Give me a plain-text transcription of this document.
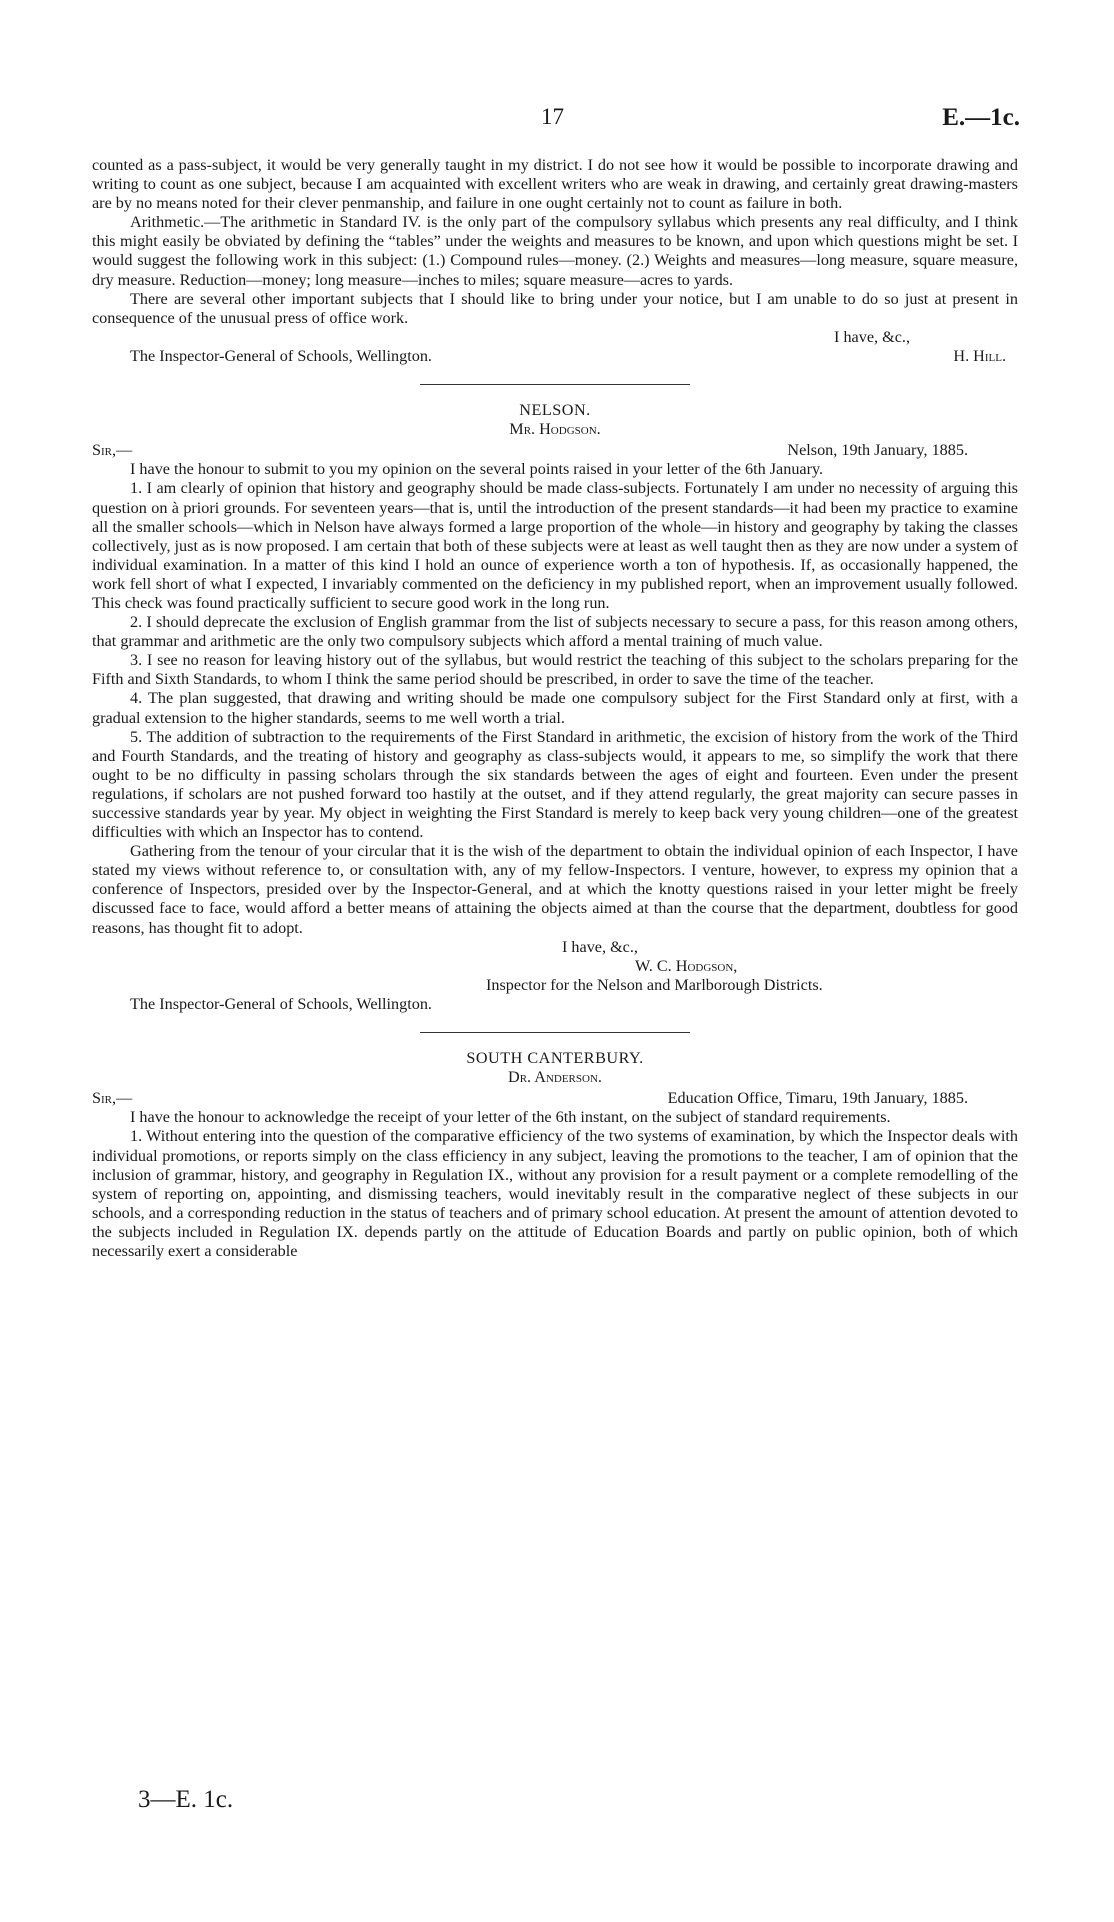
17	E.—1c.

counted as a pass-subject, it would be very generally taught in my district. I do not see how it would be possible to incorporate drawing and writing to count as one subject, because I am acquainted with excellent writers who are weak in drawing, and certainly great drawing-masters are by no means noted for their clever penmanship, and failure in one ought certainly not to count as failure in both.

Arithmetic.—The arithmetic in Standard IV. is the only part of the compulsory syllabus which presents any real difficulty, and I think this might easily be obviated by defining the “tables” under the weights and measures to be known, and upon which questions might be set. I would suggest the following work in this subject: (1.) Compound rules—money. (2.) Weights and measures—long measure, square measure, dry measure. Reduction—money; long measure—inches to miles; square measure—acres to yards.

There are several other important subjects that I should like to bring under your notice, but I am unable to do so just at present in consequence of the unusual press of office work.

I have, &c.,

The Inspector-General of Schools, Wellington.	H. Hill.

NELSON.

Mr. Hodgson.

Sir,—	Nelson, 19th January, 1885.

I have the honour to submit to you my opinion on the several points raised in your letter of the 6th January.

1. I am clearly of opinion that history and geography should be made class-subjects. Fortunately I am under no necessity of arguing this question on à priori grounds. For seventeen years—that is, until the introduction of the present standards—it had been my practice to examine all the smaller schools—which in Nelson have always formed a large proportion of the whole—in history and geography by taking the classes collectively, just as is now proposed. I am certain that both of these subjects were at least as well taught then as they are now under a system of individual examination. In a matter of this kind I hold an ounce of experience worth a ton of hypothesis. If, as occasionally happened, the work fell short of what I expected, I invariably commented on the deficiency in my published report, when an improvement usually followed. This check was found practically sufficient to secure good work in the long run.

2. I should deprecate the exclusion of English grammar from the list of subjects necessary to secure a pass, for this reason among others, that grammar and arithmetic are the only two compulsory subjects which afford a mental training of much value.

3. I see no reason for leaving history out of the syllabus, but would restrict the teaching of this subject to the scholars preparing for the Fifth and Sixth Standards, to whom I think the same period should be prescribed, in order to save the time of the teacher.

4. The plan suggested, that drawing and writing should be made one compulsory subject for the First Standard only at first, with a gradual extension to the higher standards, seems to me well worth a trial.

5. The addition of subtraction to the requirements of the First Standard in arithmetic, the excision of history from the work of the Third and Fourth Standards, and the treating of history and geography as class-subjects would, it appears to me, so simplify the work that there ought to be no difficulty in passing scholars through the six standards between the ages of eight and fourteen. Even under the present regulations, if scholars are not pushed forward too hastily at the outset, and if they attend regularly, the great majority can secure passes in successive standards year by year. My object in weighting the First Standard is merely to keep back very young children—one of the greatest difficulties with which an Inspector has to contend.

Gathering from the tenour of your circular that it is the wish of the department to obtain the individual opinion of each Inspector, I have stated my views without reference to, or consultation with, any of my fellow-Inspectors. I venture, however, to express my opinion that a conference of Inspectors, presided over by the Inspector-General, and at which the knotty questions raised in your letter might be freely discussed face to face, would afford a better means of attaining the objects aimed at than the course that the department, doubtless for good reasons, has thought fit to adopt.

I have, &c.,

W. C. Hodgson,

Inspector for the Nelson and Marlborough Districts.

The Inspector-General of Schools, Wellington.

SOUTH CANTERBURY.

Dr. Anderson.

Sir,—	Education Office, Timaru, 19th January, 1885.

I have the honour to acknowledge the receipt of your letter of the 6th instant, on the subject of standard requirements.

1. Without entering into the question of the comparative efficiency of the two systems of examination, by which the Inspector deals with individual promotions, or reports simply on the class efficiency in any subject, leaving the promotions to the teacher, I am of opinion that the inclusion of grammar, history, and geography in Regulation IX., without any provision for a result payment or a complete remodelling of the system of reporting on, appointing, and dismissing teachers, would inevitably result in the comparative neglect of these subjects in our schools, and a corresponding reduction in the status of teachers and of primary school education. At present the amount of attention devoted to the subjects included in Regulation IX. depends partly on the attitude of Education Boards and partly on public opinion, both of which necessarily exert a considerable

3—E. 1c.
